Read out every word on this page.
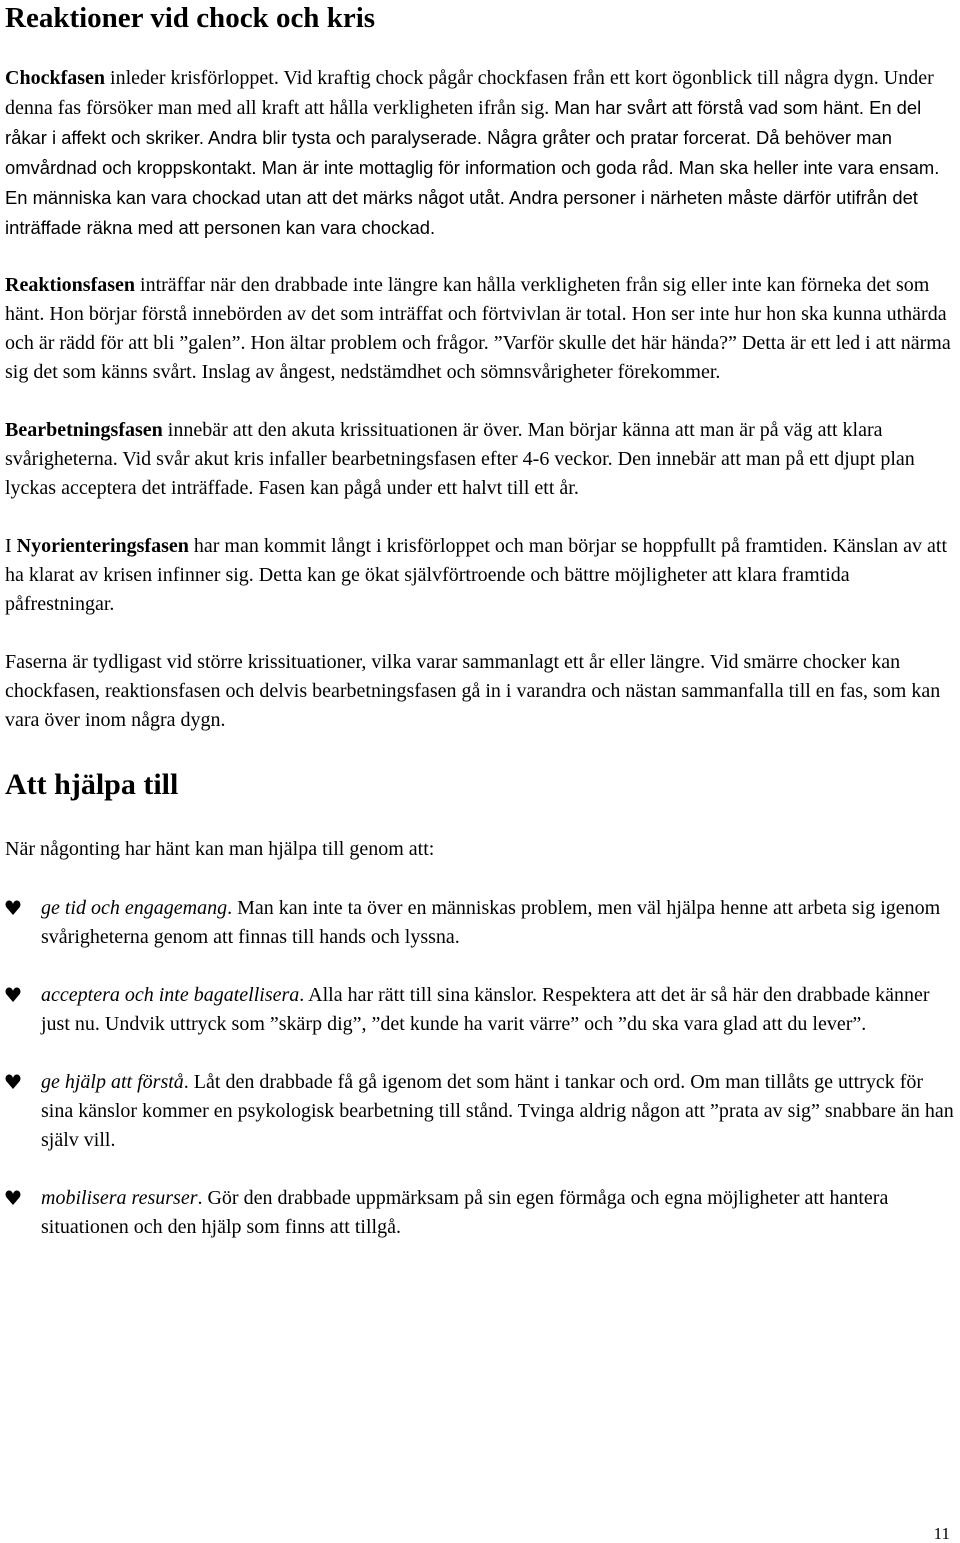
Reaktioner vid chock och kris

Chockfasen inleder krisförloppet. Vid kraftig chock pågår chockfasen från ett kort ögonblick till några dygn. Under denna fas försöker man med all kraft att hålla verkligheten ifrån sig. Man har svårt att förstå vad som hänt. En del råkar i affekt och skriker. Andra blir tysta och paralyserade. Några gråter och pratar forcerat. Då behöver man omvårdnad och kroppskontakt. Man är inte mottaglig för information och goda råd. Man ska heller inte vara ensam. En människa kan vara chockad utan att det märks något utåt. Andra personer i närheten måste därför utifrån det inträffade räkna med att personen kan vara chockad.

Reaktionsfasen inträffar när den drabbade inte längre kan hålla verkligheten från sig eller inte kan förneka det som hänt. Hon börjar förstå innebörden av det som inträffat och förtvivlan är total. Hon ser inte hur hon ska kunna uthärda och är rädd för att bli ”galen”. Hon ältar problem och frågor. ”Varför skulle det här hända?” Detta är ett led i att närma sig det som känns svårt. Inslag av ångest, nedstämdhet och sömnsvårigheter förekommer.

Bearbetningsfasen innebär att den akuta krissituationen är över. Man börjar känna att man är på väg att klara svårigheterna. Vid svår akut kris infaller bearbetningsfasen efter 4-6 veckor. Den innebär att man på ett djupt plan lyckas acceptera det inträffade. Fasen kan pågå under ett halvt till ett år.

I Nyorienteringsfasen har man kommit långt i krisförloppet och man börjar se hoppfullt på framtiden. Känslan av att ha klarat av krisen infinner sig. Detta kan ge ökat självförtroende och bättre möjligheter att klara framtida påfrestningar.

Faserna är tydligast vid större krissituationer, vilka varar sammanlagt ett år eller längre. Vid smärre chocker kan chockfasen, reaktionsfasen och delvis bearbetningsfasen gå in i varandra och nästan sammanfalla till en fas, som kan vara över inom några dygn.

Att hjälpa till

När någonting har hänt kan man hjälpa till genom att:

ge tid och engagemang. Man kan inte ta över en människas problem, men väl hjälpa henne att arbeta sig igenom svårigheterna genom att finnas till hands och lyssna.

acceptera och inte bagatellisera. Alla har rätt till sina känslor. Respektera att det är så här den drabbade känner just nu. Undvik uttryck som ”skärp dig”, ”det kunde ha varit värre” och ”du ska vara glad att du lever”.

ge hjälp att förstå. Låt den drabbade få gå igenom det som hänt i tankar och ord. Om man tillåts ge uttryck för sina känslor kommer en psykologisk bearbetning till stånd. Tvinga aldrig någon att ”prata av sig” snabbare än han själv vill.

mobilisera resurser. Gör den drabbade uppmärksam på sin egen förmåga och egna möjligheter att hantera situationen och den hjälp som finns att tillgå.

11
